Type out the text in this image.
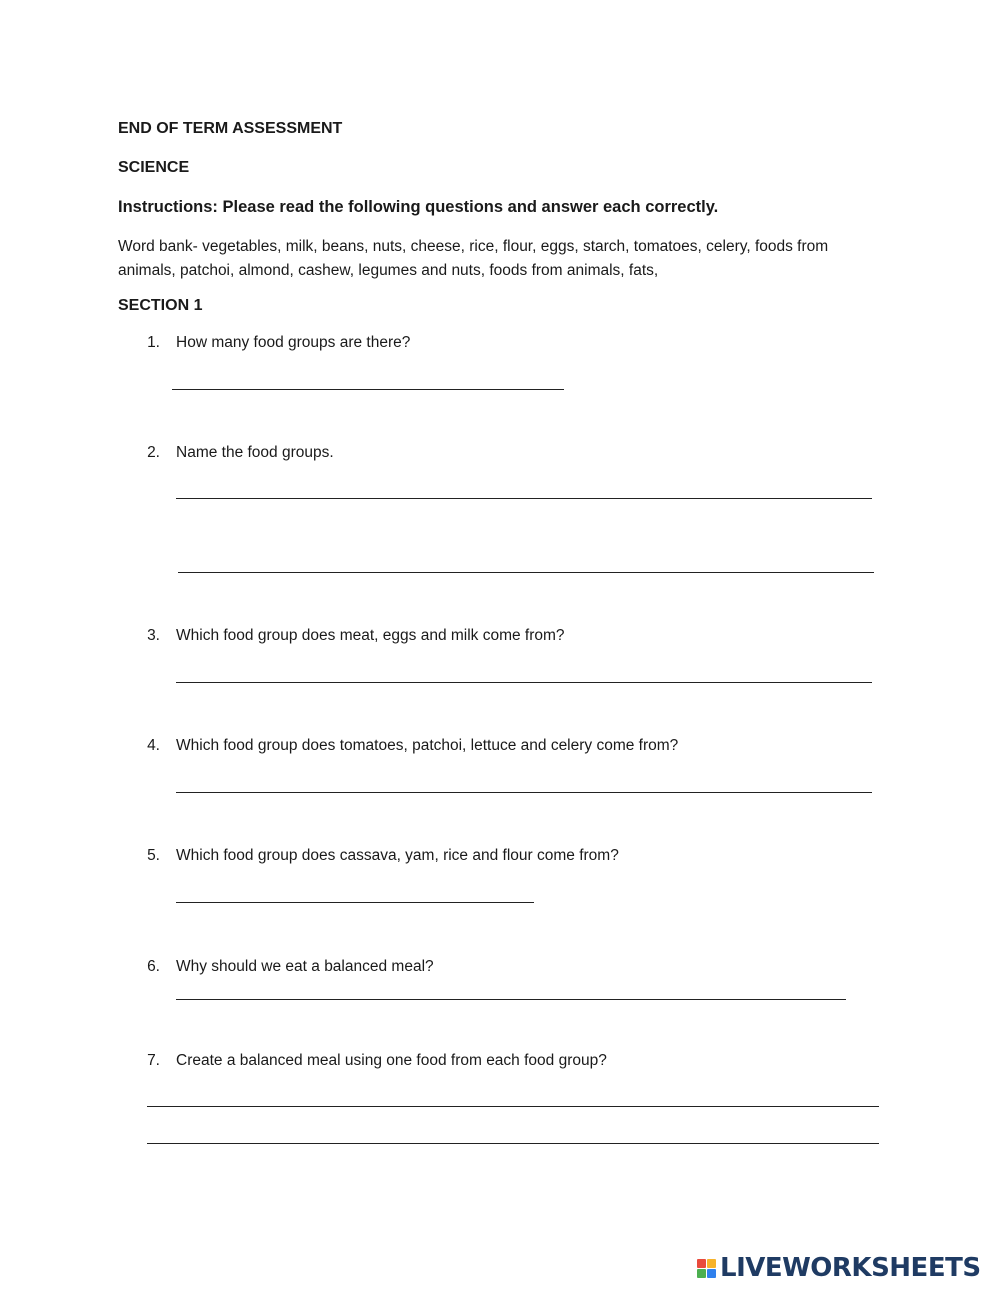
END OF TERM ASSESSMENT
SCIENCE
Instructions: Please read the following questions and answer each correctly.
Word bank- vegetables, milk, beans, nuts, cheese, rice, flour, eggs, starch, tomatoes, celery, foods from
animals, patchoi, almond, cashew, legumes and nuts, foods from animals, fats,
SECTION 1
1. How many food groups are there?
2. Name the food groups.
3. Which food group does meat, eggs and milk come from?
4. Which food group does tomatoes, patchoi, lettuce and celery come from?
5. Which food group does cassava, yam, rice and flour come from?
6. Why should we eat a balanced meal?
7. Create a balanced meal using one food from each food group?
LIVEWORKSHEETS
